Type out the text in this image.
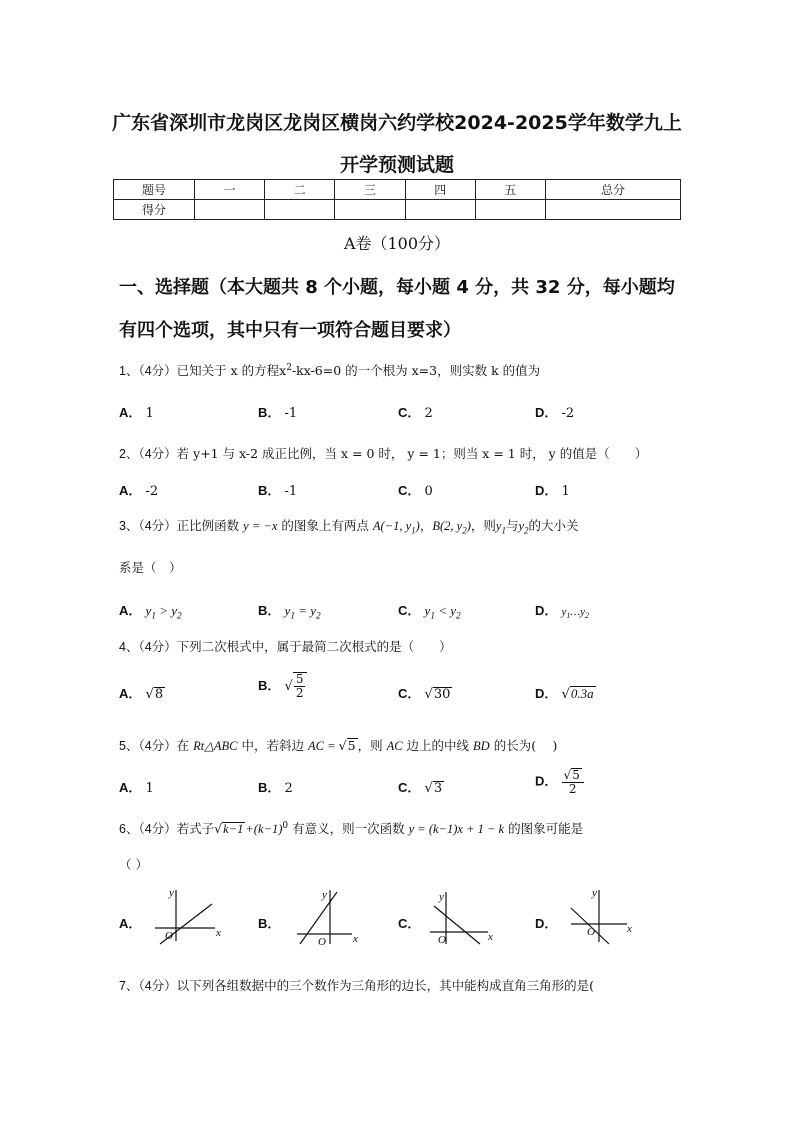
广东省深圳市龙岗区龙岗区横岗六约学校2024-2025学年数学九上
开学预测试题
题号	一	二	三	四	五	总分
得分						
A卷（100分）
一、选择题（本大题共 8 个小题，每小题 4 分，共 32 分，每小题均
有四个选项，其中只有一项符合题目要求）
1、（4分）已知关于 x 的方程$x^2-kx-6=0$ 的一个根为 x=3，则实数 k 的值为
A． 1	B． -1	C． 2	D． -2
2、（4分）若 y+1 与 x-2 成正比例，当 x = 0 时， y = 1；则当 x = 1 时， y 的值是（　　）
A． -2	B． -1	C． 0	D． 1
3、（4分）正比例函数 y = −x 的图象上有两点 A(−1, $y_1$)，B(2, $y_2$)，则$y_1$与$y_2$的大小关
系是（　）
A． $y_1 > y_2$	B． $y_1 = y_2$	C． $y_1 < y_2$	D． $y_1\dots y_2$
4、（4分）下列二次根式中，属于最简二次根式的是（　　）
A． √8
B． √ $\frac{5}{2}$	C． √30	D． √0.3a
5、（4分）在 Rt△ABC 中，若斜边 AC = √5 ，则 AC 边上的中线 BD 的长为(　 )
A． 1	B． 2	C． √3	D． $\frac{√5}{2}$
6、（4分）若式子$√k-1 +(k-1)^0$ 有意义，则一次函数 y = (k−1)x + 1 − k 的图象可能是
（ ）
A．
y
x
O
B．
y
x
O
C．
y
x
O
D．
y
x
O
7、（4分）以下列各组数据中的三个数作为三角形的边长，其中能构成直角三角形的是(
